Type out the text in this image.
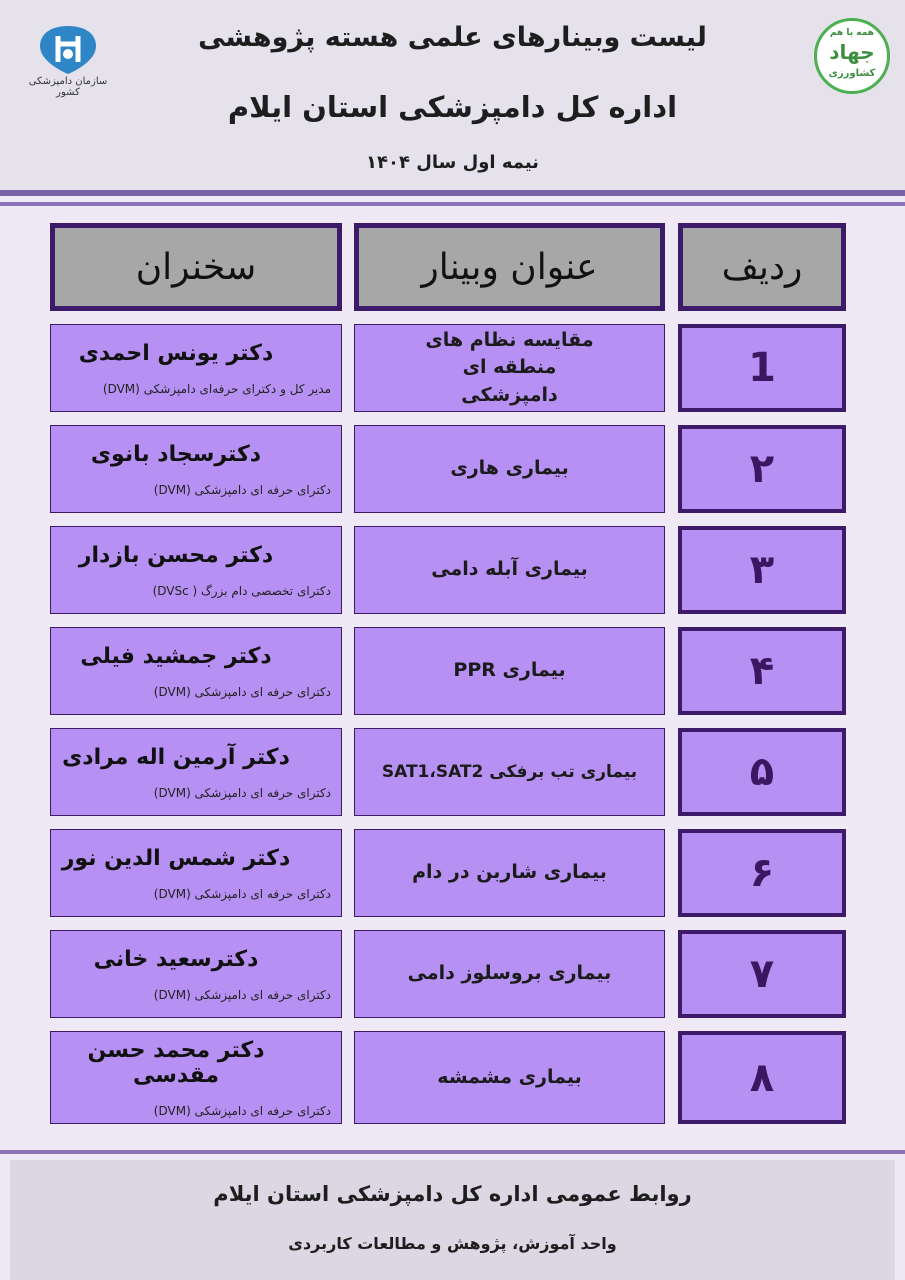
سازمان دامپزشکی کشور
لیست وبینارهای علمی هسته پژوهشی
اداره کل دامپزشکی استان ایلام
نیمه اول سال ۱۴۰۴
همه با هم
جهاد
کشاورزی
ردیف
عنوان وبینار
سخنران
1
مقایسه نظام های منطقه ای دامپزشکی
دکتر یونس احمدی
مدیر کل و دکترای حرفه‌ای دامپزشکی (DVM)
۲
بیماری هاری
دکترسجاد بانوی
دکترای حرفه ای دامپزشکی (DVM)
۳
بیماری آبله دامی
دکتر محسن بازدار
دکترای تخصصی دام بزرگ ( DVSc)
۴
بیماری PPR
دکتر جمشید فیلی
دکترای حرفه ای دامپزشکی (DVM)
۵
بیماری تب برفکی SAT1،SAT2
دکتر آرمین اله مرادی
دکترای حرفه ای دامپزشکی (DVM)
۶
بیماری شاربن در دام
دکتر شمس الدین نور
دکترای حرفه ای دامپزشکی (DVM)
۷
بیماری بروسلوز دامی
دکترسعید خانی
دکترای حرفه ای دامپزشکی (DVM)
۸
بیماری مشمشه
دکتر محمد حسن مقدسی
دکترای حرفه ای دامپزشکی (DVM)
روابط عمومی اداره کل دامپزشکی استان ایلام
واحد آموزش، پژوهش و مطالعات کاربردی
